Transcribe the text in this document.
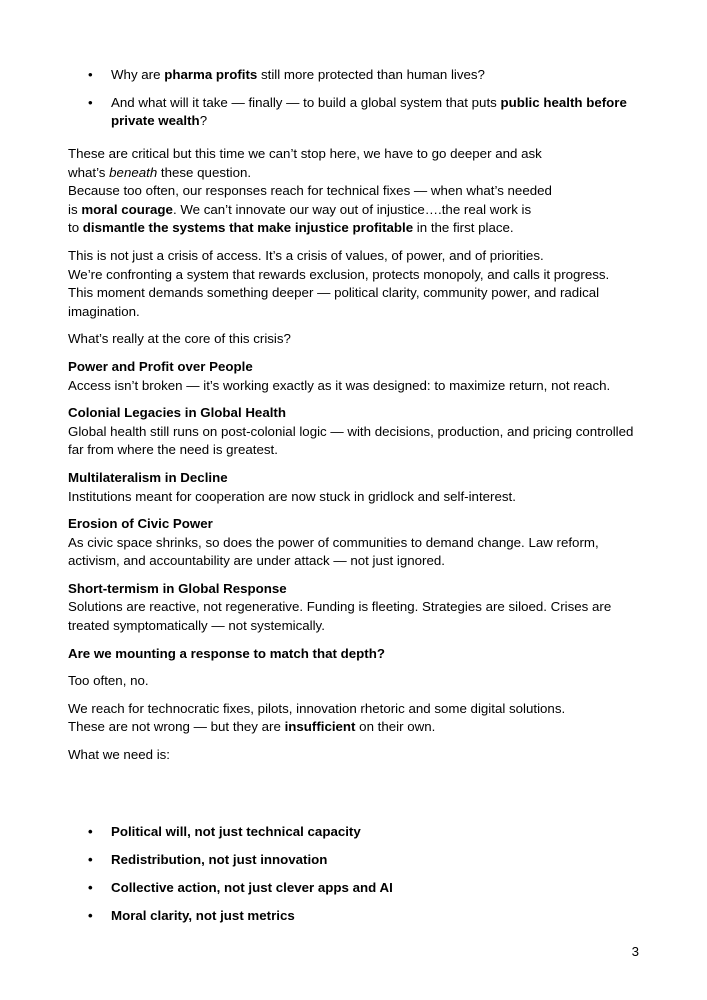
• Why are pharma profits still more protected than human lives?
• And what will it take — finally — to build a global system that puts public health before private wealth?

These are critical but this time we can’t stop here, we have to go deeper and ask
what’s beneath these question.
Because too often, our responses reach for technical fixes — when what’s needed
is moral courage. We can’t innovate our way out of injustice….the real work is
to dismantle the systems that make injustice profitable in the first place.

This is not just a crisis of access. It’s a crisis of values, of power, and of priorities.
We’re confronting a system that rewards exclusion, protects monopoly, and calls it progress.
This moment demands something deeper — political clarity, community power, and radical imagination.

What’s really at the core of this crisis?

Power and Profit over People

Access isn’t broken — it’s working exactly as it was designed: to maximize return, not reach.

Colonial Legacies in Global Health

Global health still runs on post-colonial logic — with decisions, production, and pricing controlled far from where the need is greatest.

Multilateralism in Decline

Institutions meant for cooperation are now stuck in gridlock and self-interest.

Erosion of Civic Power

As civic space shrinks, so does the power of communities to demand change. Law reform, activism, and accountability are under attack — not just ignored.

Short-termism in Global Response

Solutions are reactive, not regenerative. Funding is fleeting. Strategies are siloed. Crises are treated symptomatically — not systemically.

Are we mounting a response to match that depth?

Too often, no.

We reach for technocratic fixes, pilots, innovation rhetoric and some digital solutions.
These are not wrong — but they are insufficient on their own.

What we need is:

• Political will, not just technical capacity
• Redistribution, not just innovation
• Collective action, not just clever apps and AI
• Moral clarity, not just metrics
3
